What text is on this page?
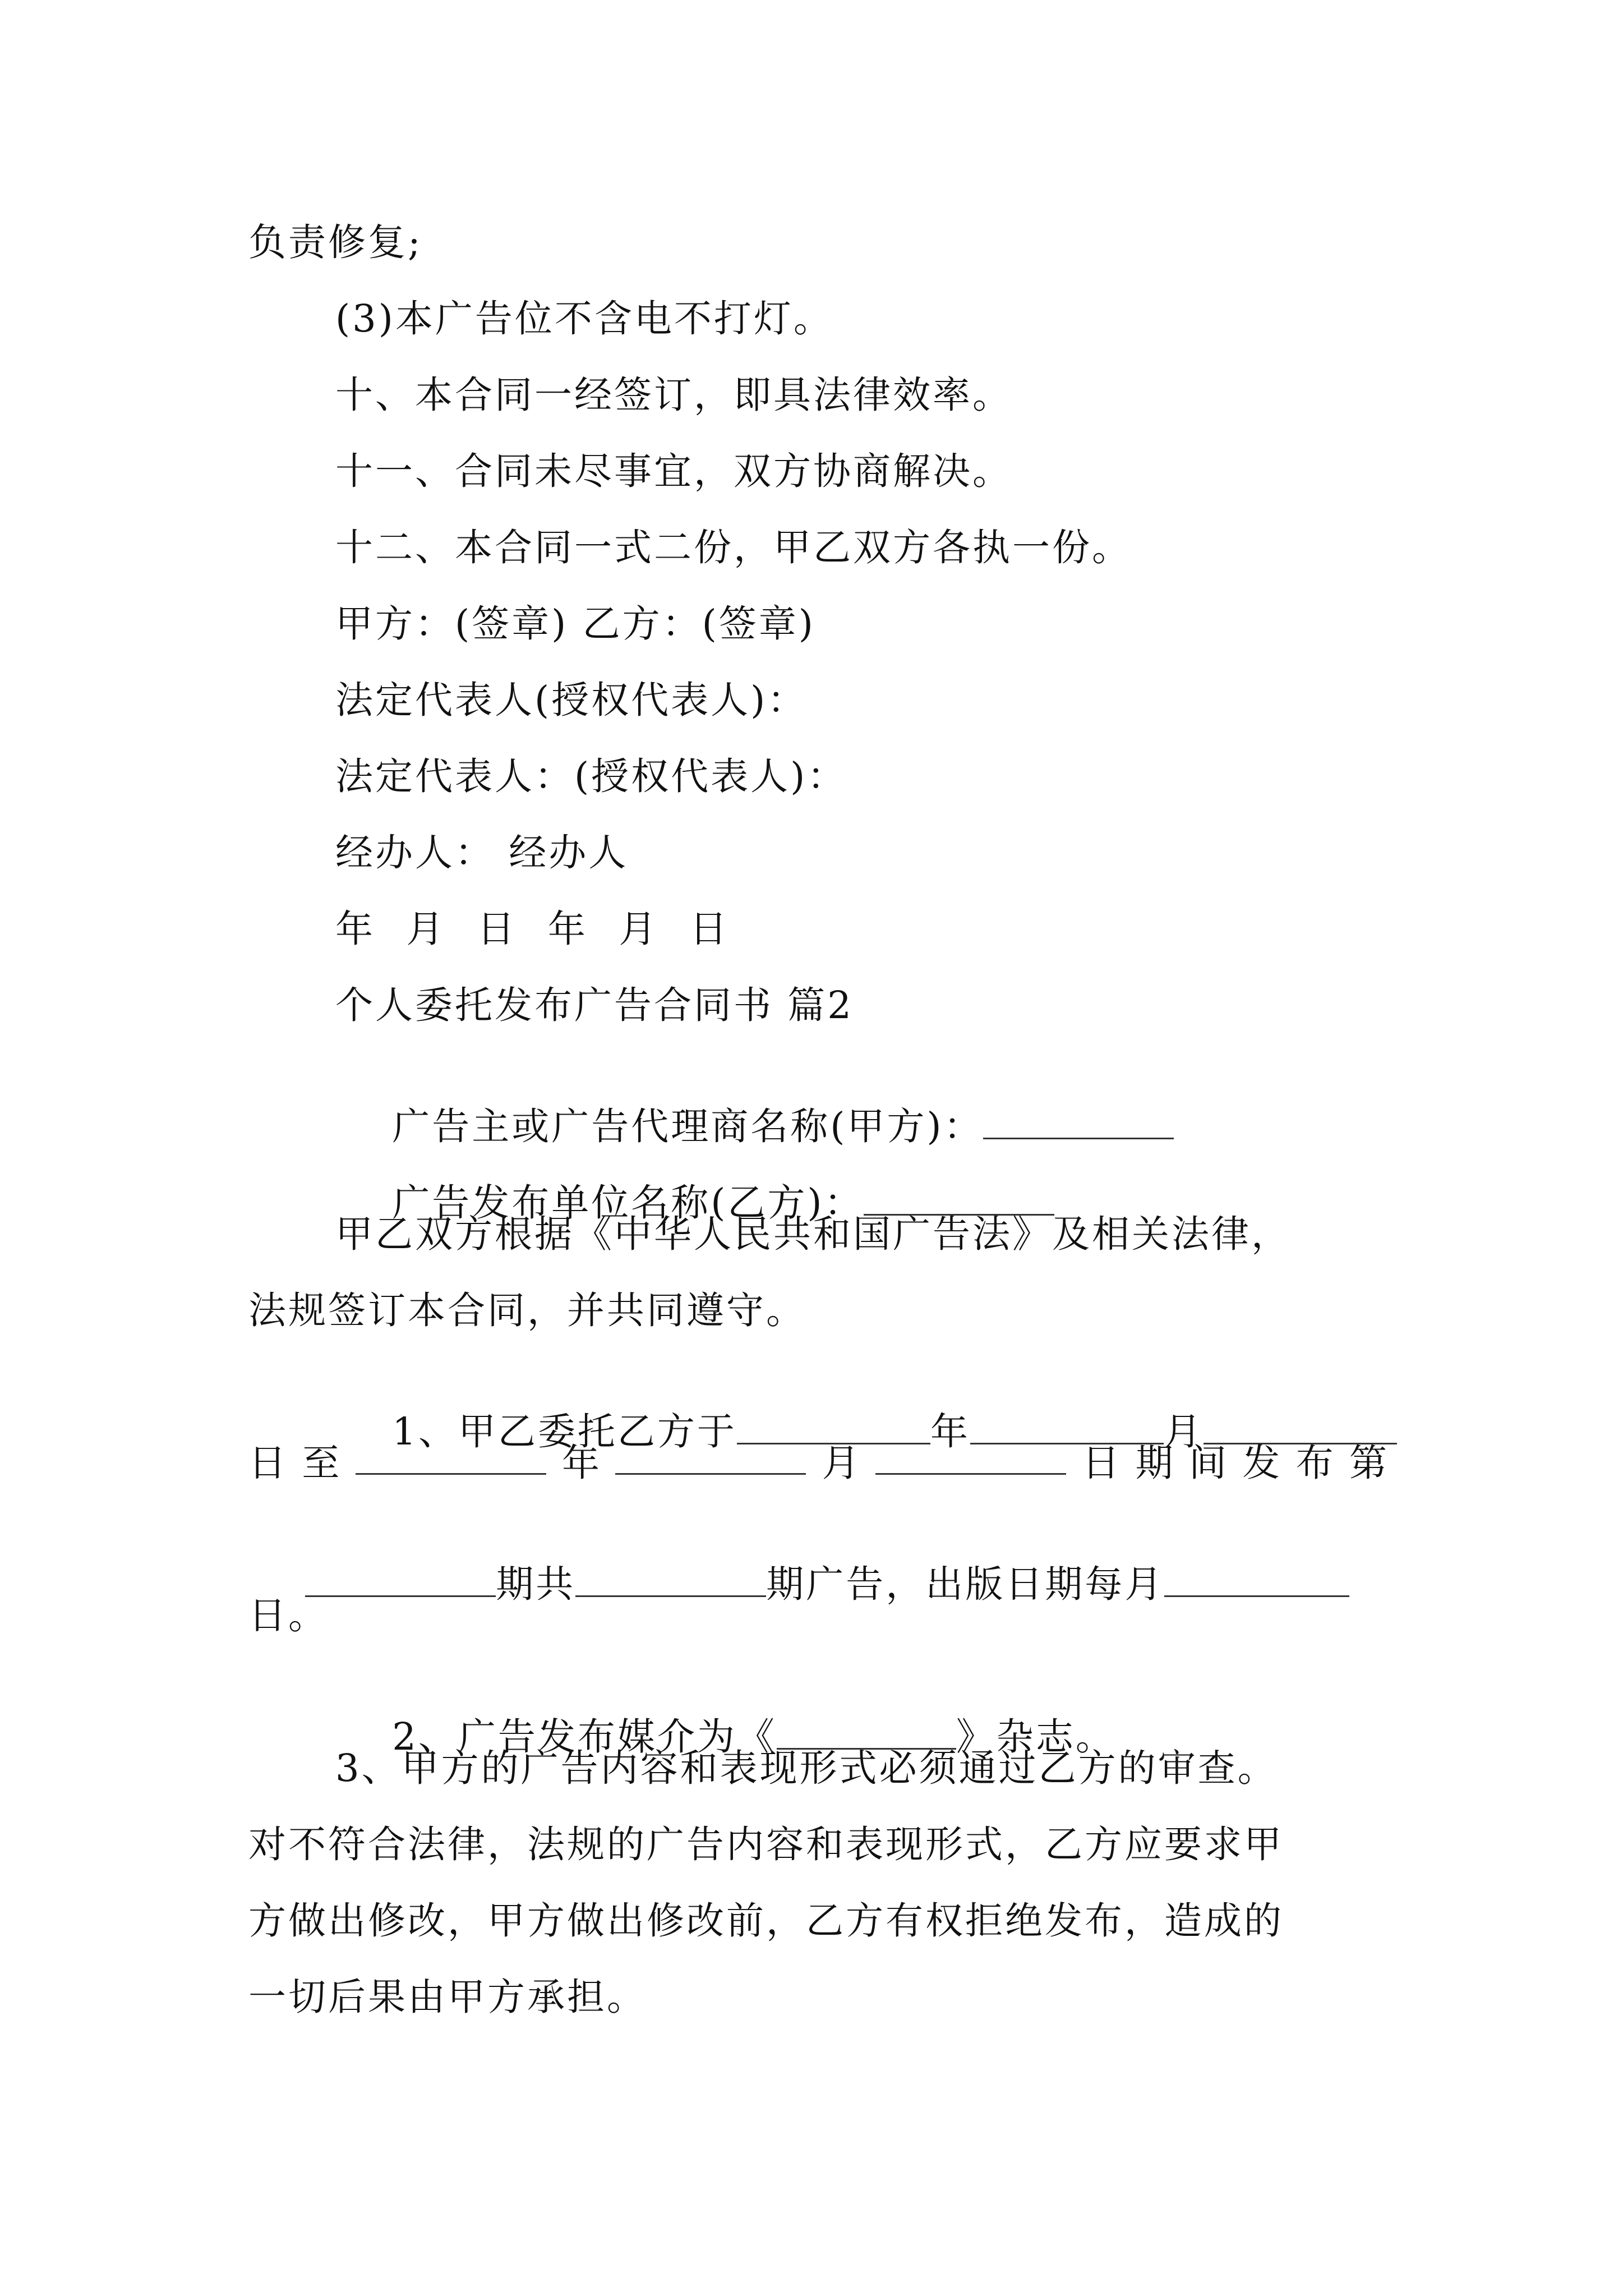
负责修复;
(3)本广告位不含电不打灯。
十、本合同一经签订，即具法律效率。
十一、合同未尽事宜，双方协商解决。
十二、本合同一式二份，甲乙双方各执一份。
甲方：(签章) 乙方：(签章)
法定代表人(授权代表人)：
法定代表人：(授权代表人)：
经办人： 经办人
年 月 日 年 月 日
个人委托发布广告合同书 篇2

广告主或广告代理商名称(甲方)：

广告发布单位名称(乙方)：

甲乙双方根据《中华人民共和国广告法》及相关法律，
法规签订本合同，并共同遵守。

1、甲乙委托乙方于	年	月

日 至	年	月	日 期 间 发 布 第

期共	期广告，出版日期每月

日。

2、广告发布媒介为《	》杂志。

3、甲方的广告内容和表现形式必须通过乙方的审查。
对不符合法律，法规的广告内容和表现形式，乙方应要求甲
方做出修改，甲方做出修改前，乙方有权拒绝发布，造成的
一切后果由甲方承担。
